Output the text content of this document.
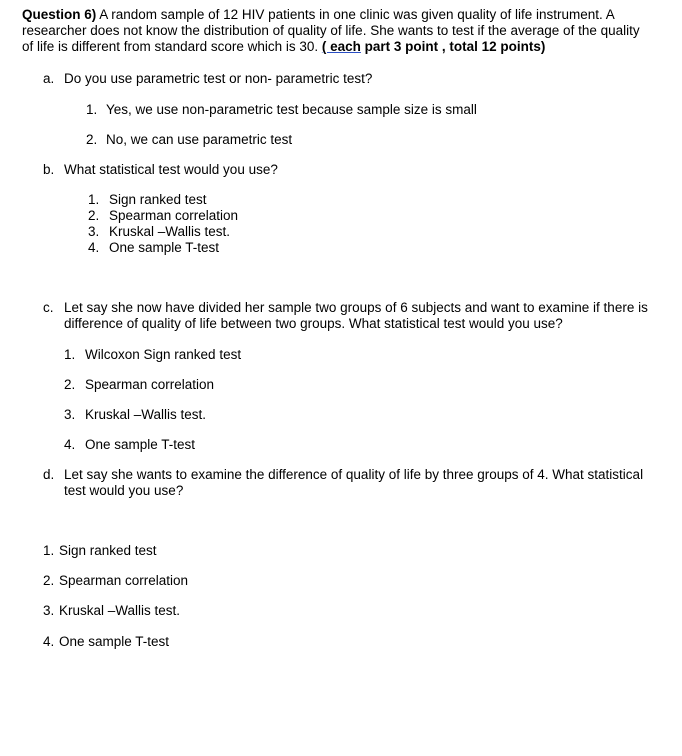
Question 6) A random sample of 12 HIV patients in one clinic was given quality of life instrument. A
researcher does not know the distribution of quality of life. She wants to test if the average of the quality
of life is different from standard score which is 30. ( each part 3 point , total 12 points)
a. Do you use parametric test or non- parametric test?
1. Yes, we use non-parametric test because sample size is small
2. No, we can use parametric test
b. What statistical test would you use?
1. Sign ranked test
2. Spearman correlation
3. Kruskal –Wallis test.
4. One sample T-test
c. Let say she now have divided her sample two groups of 6 subjects and want to examine if there is
difference of quality of life between two groups. What statistical test would you use?
1. Wilcoxon Sign ranked test
2. Spearman correlation
3. Kruskal –Wallis test.
4. One sample T-test
d. Let say she wants to examine the difference of quality of life by three groups of 4. What statistical
test would you use?
1. Sign ranked test
2. Spearman correlation
3. Kruskal –Wallis test.
4. One sample T-test
